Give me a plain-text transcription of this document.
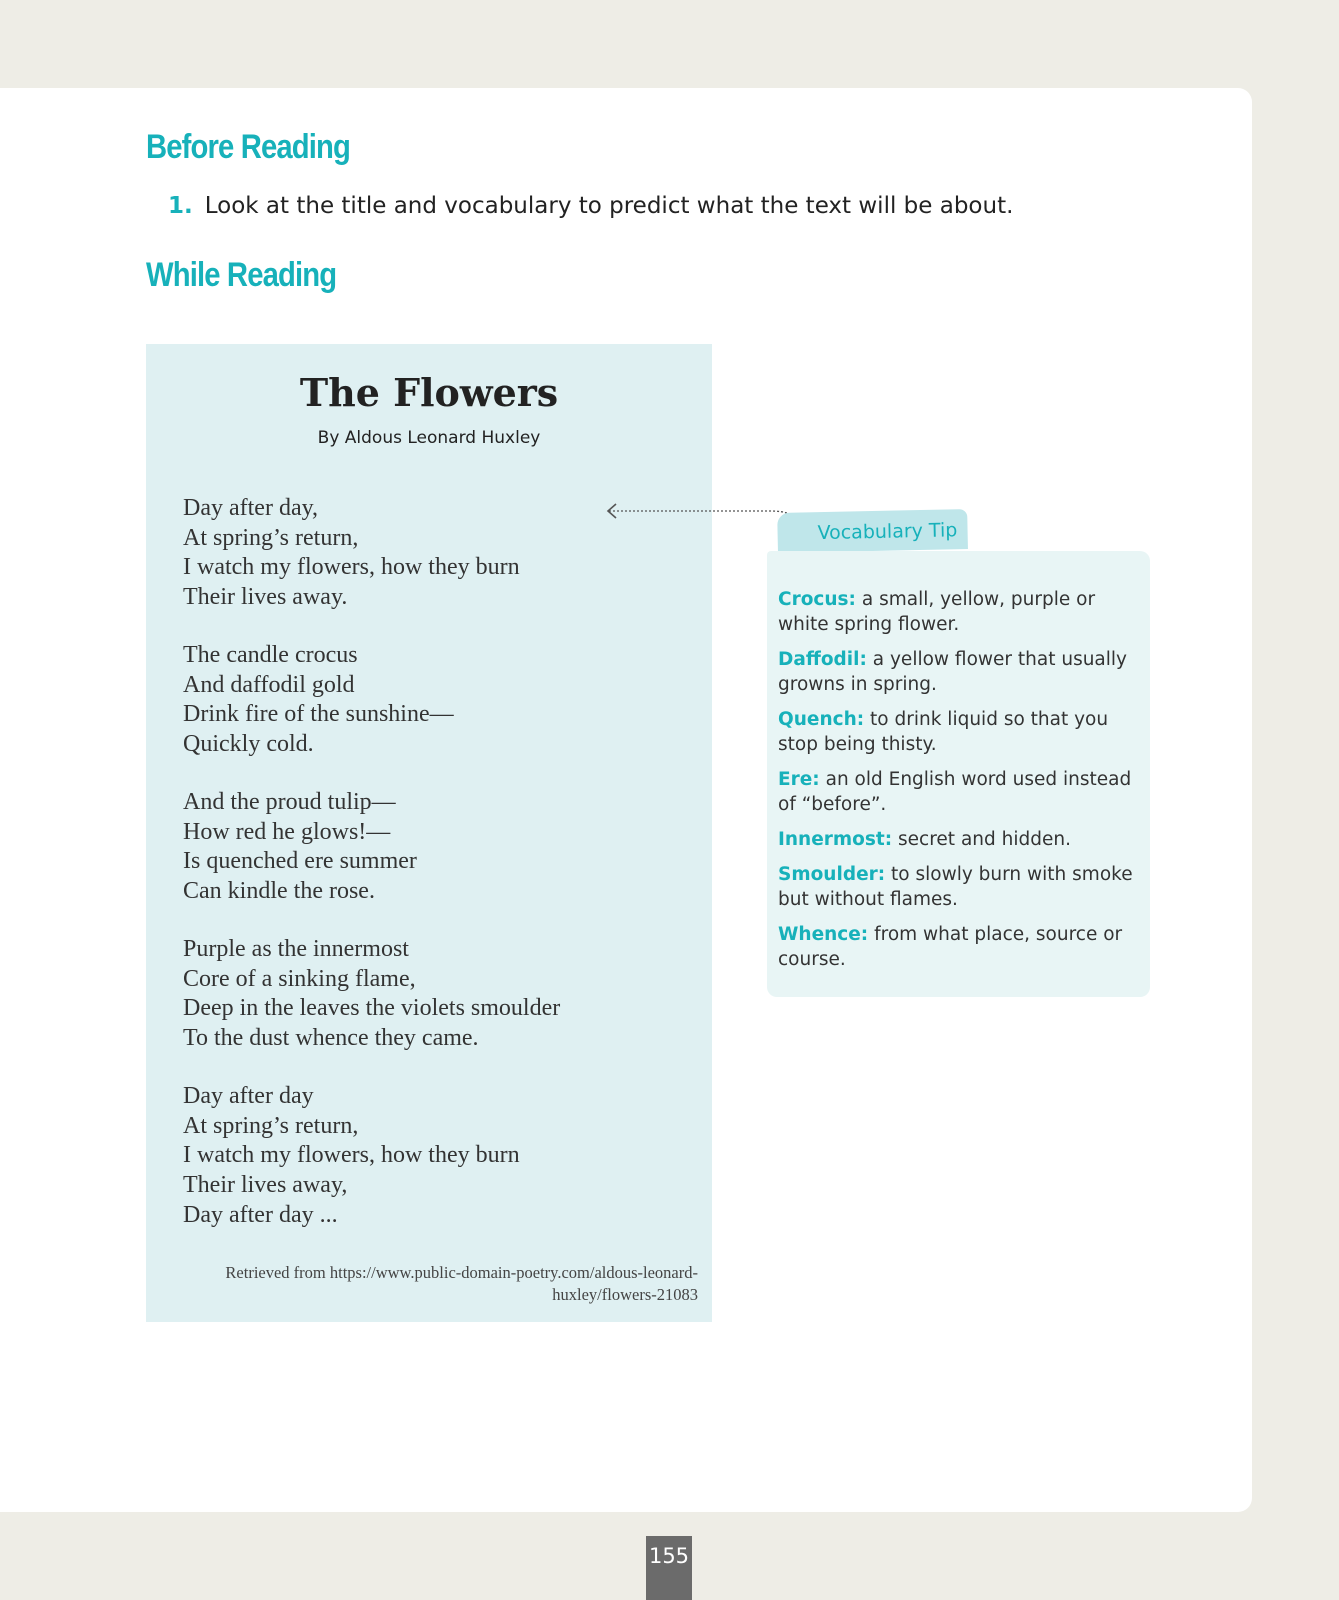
Before Reading
1. Look at the title and vocabulary to predict what the text will be about.
While Reading
The Flowers
By Aldous Leonard Huxley
Day after day,
At spring’s return,
I watch my flowers, how they burn
Their lives away.
The candle crocus
And daffodil gold
Drink fire of the sunshine—
Quickly cold.
And the proud tulip—
How red he glows!—
Is quenched ere summer
Can kindle the rose.
Purple as the innermost
Core of a sinking flame,
Deep in the leaves the violets smoulder
To the dust whence they came.
Day after day
At spring’s return,
I watch my flowers, how they burn
Their lives away,
Day after day ...
Retrieved from https://www.public-domain-poetry.com/aldous-leonard-huxley/flowers-21083
Vocabulary Tip
Crocus: a small, yellow, purple or white spring flower.
Daffodil: a yellow flower that usually growns in spring.
Quench: to drink liquid so that you stop being thisty.
Ere: an old English word used instead of “before”.
Innermost: secret and hidden.
Smoulder: to slowly burn with smoke but without flames.
Whence: from what place, source or course.
155
